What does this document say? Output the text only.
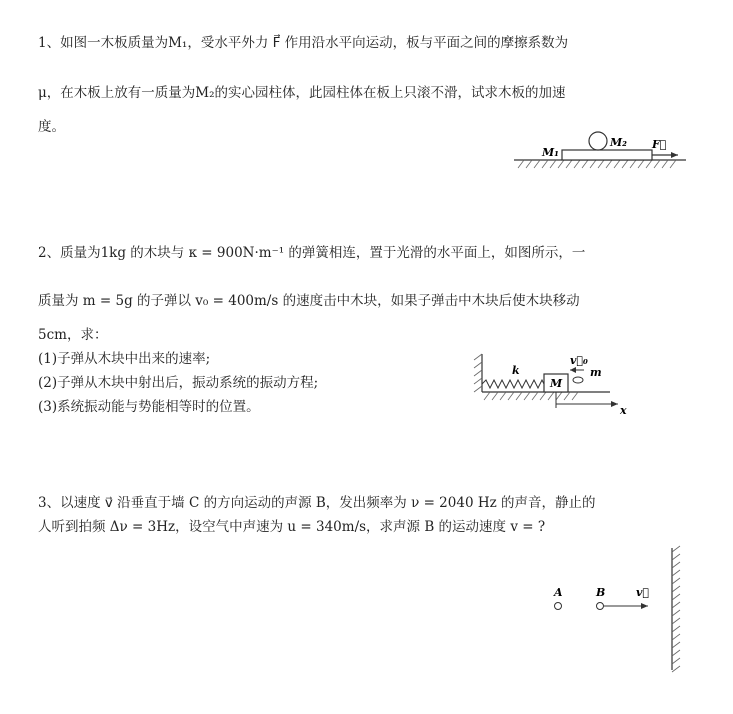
1、如图一木板质量为M₁，受水平外力 F⃗ 作用沿水平向运动，板与平面之间的摩擦系数为
μ，在木板上放有一质量为M₂的实心园柱体，此园柱体在板上只滚不滑，试求木板的加速
度。
M₁
M₂ F⃗
2、质量为1kg 的木块与 κ = 900N·m⁻¹ 的弹簧相连，置于光滑的水平面上，如图所示，一
质量为 m = 5g 的子弹以 v₀ = 400m/s 的速度击中木块，如果子弹击中木块后使木块移动
5cm，求：
(1)子弹从木块中出来的速率;
(2)子弹从木块中射出后，振动系统的振动方程;
(3)系统振动能与势能相等时的位置。
k
M
v⃗₀
m
x
3、以速度 v⃗ 沿垂直于墙 C 的方向运动的声源 B，发出频率为 ν = 2040 Hz 的声音，静止的
人听到拍频 Δν = 3Hz，设空气中声速为 u = 340m/s，求声源 B 的运动速度 v = ?
A	B	v⃗
